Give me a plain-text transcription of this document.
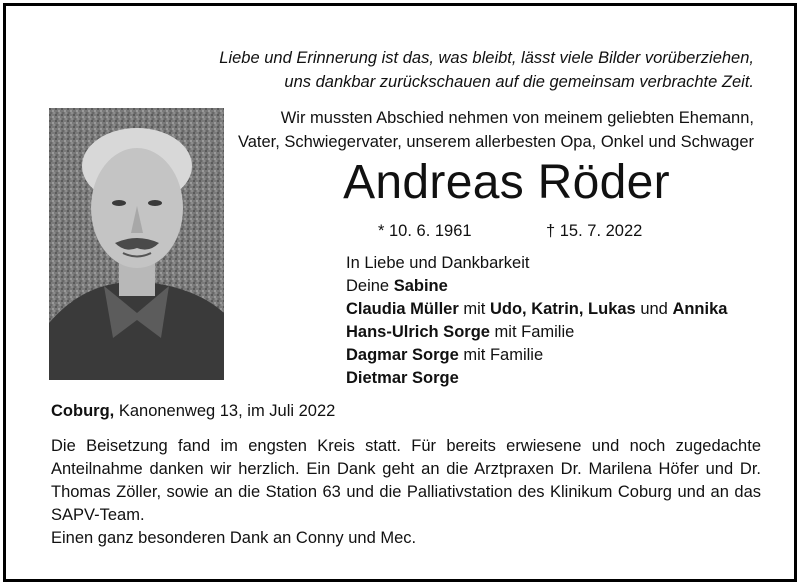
Liebe und Erinnerung ist das, was bleibt, lässt viele Bilder vorüberziehen,
uns dankbar zurückschauen auf die gemeinsam verbrachte Zeit.
Wir mussten Abschied nehmen von meinem geliebten Ehemann,
Vater, Schwiegervater, unserem allerbesten Opa, Onkel und Schwager
Andreas Röder
* 10. 6. 1961	† 15. 7. 2022
In Liebe und Dankbarkeit
Deine Sabine
Claudia Müller mit Udo, Katrin, Lukas und Annika
Hans-Ulrich Sorge mit Familie
Dagmar Sorge mit Familie
Dietmar Sorge
Coburg, Kanonenweg 13, im Juli 2022

Die Beisetzung fand im engsten Kreis statt. Für bereits erwiesene und noch zugedachte Anteilnahme danken wir herzlich. Ein Dank geht an die Arztpraxen Dr. Marilena Höfer und Dr. Thomas Zöller, sowie an die Station 63 und die Palliativstation des Klinikum Coburg und an das SAPV-Team.

Einen ganz besonderen Dank an Conny und Mec.
